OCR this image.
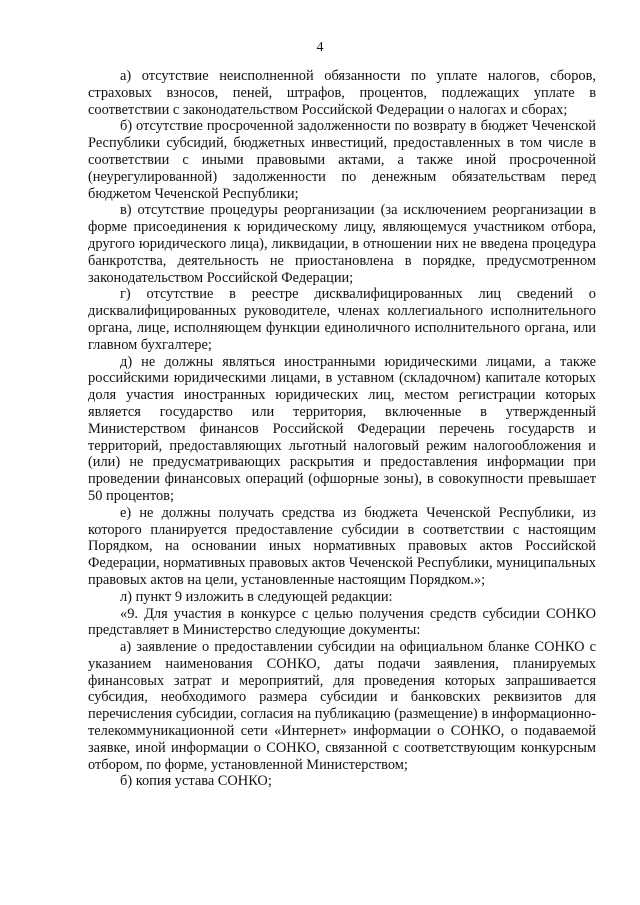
4

а) отсутствие неисполненной обязанности по уплате налогов, сборов, страховых взносов, пеней, штрафов, процентов, подлежащих уплате в соответствии с законодательством Российской Федерации о налогах и сборах;

б) отсутствие просроченной задолженности по возврату в бюджет Чеченской Республики субсидий, бюджетных инвестиций, предоставленных в том числе в соответствии с иными правовыми актами, а также иной просроченной (неурегулированной) задолженности по денежным обязательствам перед бюджетом Чеченской Республики;

в) отсутствие процедуры реорганизации (за исключением реорганизации в форме присоединения к юридическому лицу, являющемуся участником отбора, другого юридического лица), ликвидации, в отношении них не введена процедура банкротства, деятельность не приостановлена в порядке, предусмотренном законодательством Российской Федерации;

г) отсутствие в реестре дисквалифицированных лиц сведений о дисквалифицированных руководителе, членах коллегиального исполнительного органа, лице, исполняющем функции единоличного исполнительного органа, или главном бухгалтере;

д) не должны являться иностранными юридическими лицами, а также российскими юридическими лицами, в уставном (складочном) капитале которых доля участия иностранных юридических лиц, местом регистрации которых является государство или территория, включенные в утвержденный Министерством финансов Российской Федерации перечень государств и территорий, предоставляющих льготный налоговый режим налогообложения и (или) не предусматривающих раскрытия и предоставления информации при проведении финансовых операций (офшорные зоны), в совокупности превышает 50 процентов;

е) не должны получать средства из бюджета Чеченской Республики, из которого планируется предоставление субсидии в соответствии с настоящим Порядком, на основании иных нормативных правовых актов Российской Федерации, нормативных правовых актов Чеченской Республики, муниципальных правовых актов на цели, установленные настоящим Порядком.»;

л) пункт 9 изложить в следующей редакции:

«9. Для участия в конкурсе с целью получения средств субсидии СОНКО представляет в Министерство следующие документы:

а) заявление о предоставлении субсидии на официальном бланке СОНКО с указанием наименования СОНКО, даты подачи заявления, планируемых финансовых затрат и мероприятий, для проведения которых запрашивается субсидия, необходимого размера субсидии и банковских реквизитов для перечисления субсидии, согласия на публикацию (размещение) в информационно-телекоммуникационной сети «Интернет» информации о СОНКО, о подаваемой заявке, иной информации о СОНКО, связанной с соответствующим конкурсным отбором, по форме, установленной Министерством;

б) копия устава СОНКО;
